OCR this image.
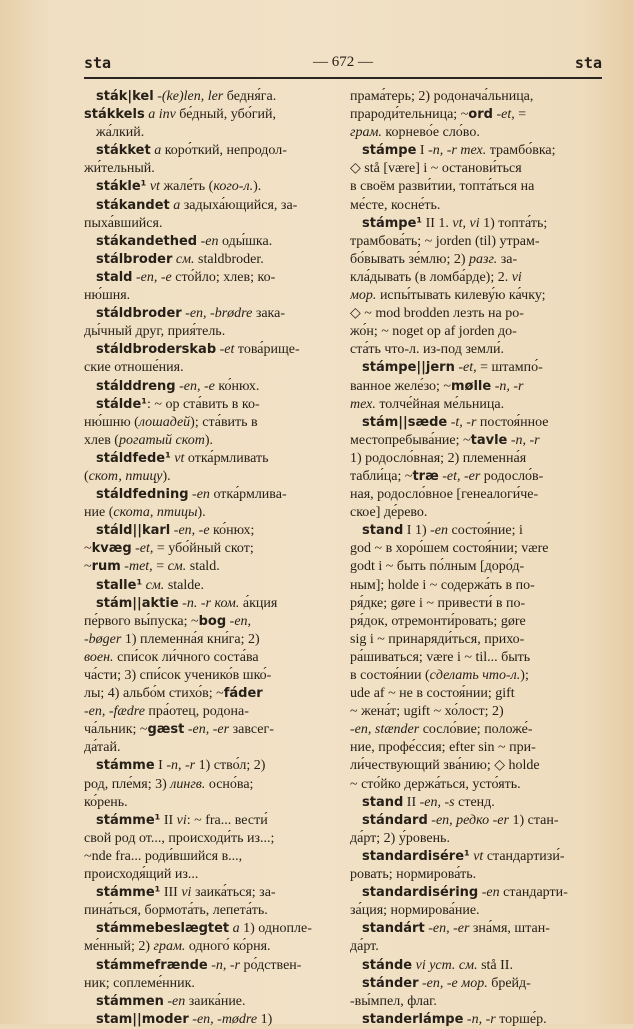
sta	— 672 —	sta
sták|kel -(ke)len, ler бедня́га.
stákkels a inv бе́дный, убо́гий,
жа́лкий.
stákket a коро́ткий, непродол-
жи́тельный.
stákle¹ vt жале́ть (кого-л.).
stákandet a задыха́ющийся, за-
пыха́вшийся.
stákandethed -en оды́шка.
stálbroder см. staldbroder.
stald -en, -e сто́йло; хлев; ко-
ню́шня.
stáldbroder -en, -brødre зака-
ды́чный друг, прия́тель.
stáldbroderskab -et това́рище-
ские отноше́ния.
stálddreng -en, -e ко́нюх.
stálde¹: ~ ор ста́вить в ко-
ню́шню (лошадей); ста́вить в
хлев (рогатый скот).
stáldfede¹ vt отка́рмливать
(скот, птицу).
stáldfedning -en отка́рмлива-
ние (скота, птицы).
stáld||karl -en, -e ко́нюх;
~kvæg -et, = убо́йный скот;
~rum -met, = см. stald.
stalle¹ см. stalde.
stám||aktie -n. -r ком. а́кция
пе́рвого вы́пуска; ~bog -en,
-bøger 1) племенна́я кни́га; 2)
воен. спи́сок ли́чного соста́ва
ча́сти; 3) спи́сок ученико́в шко́-
лы; 4) альбо́м стихо́в; ~fáder
-en, -fædre пра́отец, родона-
ча́льник; ~gæst -en, -er завсег-
да́тай.
stámme I -n, -r 1) ство́л; 2)
род, пле́мя; 3) лингв. осно́ва;
ко́рень.
stámme¹ II vi: ~ fra... вести́
свой род от..., происходи́ть из...;
~nde fra... роди́вшийся в...,
происходя́щий из...
stámme¹ III vi заика́ться; за-
пина́ться, бормота́ть, лепета́ть.
stámmebeslægtet a 1) одноплe-
ме́нный; 2) грам. одного́ ко́рня.
stámmefrænde -n, -r ро́дствен-
ник; соплеме́нник.
stámmen -en заика́ние.
stam||moder -en, -mødre 1)
прама́терь; 2) родонача́льница,
прароди́тельница; ~ord -et, =
грам. корнево́е сло́во.
stámpe I -n, -r тех. трамбо́вка;
◇ stå [være] i ~ останови́ться
в своём разви́тии, топта́ться на
ме́сте, косне́ть.
stámpe¹ II 1. vt, vi 1) топта́ть;
трамбова́ть; ~ jorden (til) утрам-
бо́вывать зе́млю; 2) разг. за-
кла́дывать (в ломба́рде); 2. vi
мор. испы́тывать килеву́ю ка́чку;
◇ ~ mod brodden лезть на ро-
жо́н; ~ noget op af jorden до-
ста́ть что-л. из-под земли́.
stámpe||jern -et, = штампо́-
ванное желе́зо; ~mølle -n, -r
тех. толче́йная ме́льница.
stám||sæde -t, -r постоя́нное
местопребыва́ние; ~tavle -n, -r
1) родосло́вная; 2) племенна́я
табли́ца; ~træ -et, -er родосло́в-
ная, родосло́вное [генеалоги́че-
ское] де́рево.
stand I 1) -en состоя́ние; i
god ~ в хоро́шем состоя́нии; være
godt i ~ быть по́лным [доро́д-
ным]; holde i ~ содержа́ть в по-
ря́дке; gøre i ~ привести́ в по-
ря́док, отремонти́ровать; gøre
sig i ~ принаряди́ться, прихо-
ра́шиваться; være i ~ til... быть
в состоя́нии (сделать что-л.);
ude af ~ не в состоя́нии; gift
~ жена́т; ugift ~ хо́лост; 2)
-en, stænder сосло́вие; положе́-
ние, профе́ссия; efter sin ~ при-
ли́чествующий зва́нию; ◇ holde
~ сто́йко держа́ться, усто́ять.
stand II -en, -s стенд.
stándard -en, редко -er 1) стан-
да́рт; 2) у́ровень.
standardisére¹ vt стандартизи́-
ровать; нормирова́ть.
standardiséring -en стандарти-
за́ция; нормирова́ние.
standárt -en, -er зна́мя, штан-
да́рт.
stánde vi уст. см. stå II.
stánder -en, -e мор. брейд-
-вы́мпел, флаг.
standerlámpe -n, -r торше́р.
